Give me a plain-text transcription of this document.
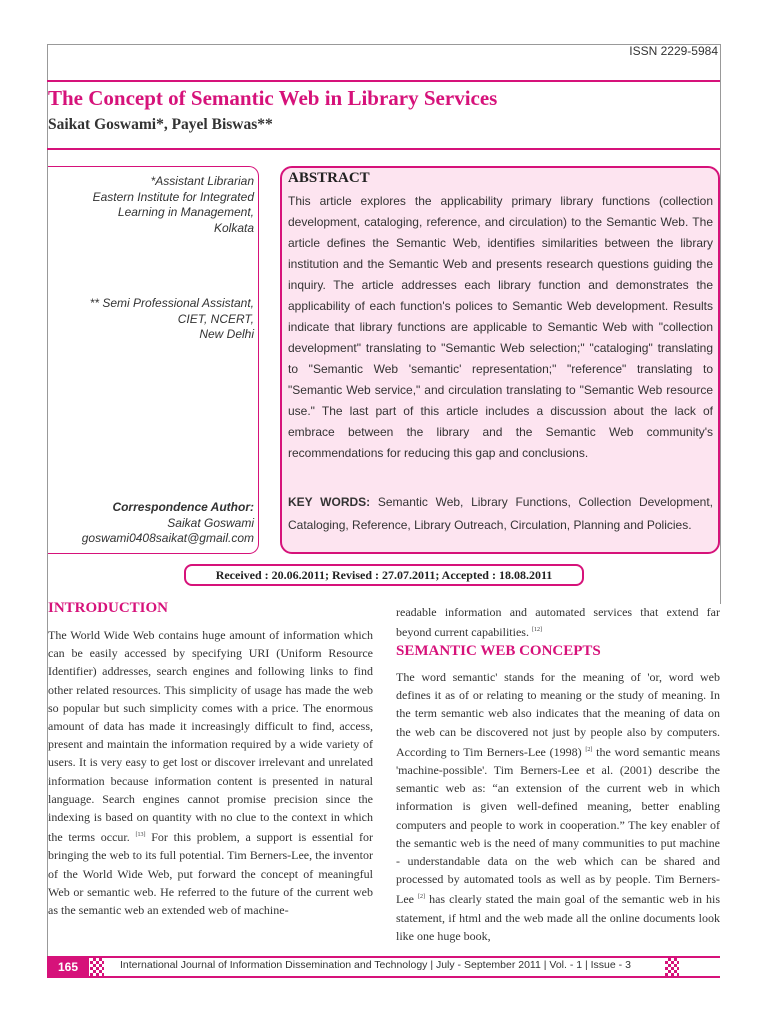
ISSN 2229-5984
The Concept of Semantic Web in Library Services
Saikat Goswami*, Payel Biswas**
*Assistant Librarian
Eastern Institute for Integrated
Learning in Management,
Kolkata
** Semi Professional Assistant,
CIET, NCERT,
New Delhi
Correspondence Author:
Saikat Goswami
goswami0408saikat@gmail.com
ABSTRACT
This article explores the applicability primary library functions (collection development, cataloging, reference, and circulation) to the Semantic Web. The article defines the Semantic Web, identifies similarities between the library institution and the Semantic Web and presents research questions guiding the inquiry. The article addresses each library function and demonstrates the applicability of each function's polices to Semantic Web development. Results indicate that library functions are applicable to Semantic Web with "collection development" translating to "Semantic Web selection;" "cataloging" translating to "Semantic Web 'semantic' representation;" "reference" translating to "Semantic Web service," and circulation translating to "Semantic Web resource use." The last part of this article includes a discussion about the lack of embrace between the library and the Semantic Web community's recommendations for reducing this gap and conclusions.
KEY WORDS: Semantic Web, Library Functions, Collection Development, Cataloging, Reference, Library Outreach, Circulation, Planning and Policies.
Received : 20.06.2011; Revised : 27.07.2011; Accepted : 18.08.2011
INTRODUCTION
The World Wide Web contains huge amount of information which can be easily accessed by specifying URI (Uniform Resource Identifier) addresses, search engines and following links to find other related resources. This simplicity of usage has made the web so popular but such simplicity comes with a price. The enormous amount of data has made it increasingly difficult to find, access, present and maintain the information required by a wide variety of users. It is very easy to get lost or discover irrelevant and unrelated information because information content is presented in natural language. Search engines cannot promise precision since the indexing is based on quantity with no clue to the context in which the terms occur. [13] For this problem, a support is essential for bringing the web to its full potential. Tim Berners-Lee, the inventor of the World Wide Web, put forward the concept of meaningful Web or semantic web. He referred to the future of the current web as the semantic web an extended web of machine-
readable information and automated services that extend far beyond current capabilities. [12]
SEMANTIC WEB CONCEPTS
The word semantic' stands for the meaning of 'or, word web defines it as of or relating to meaning or the study of meaning. In the term semantic web also indicates that the meaning of data on the web can be discovered not just by people also by computers. According to Tim Berners-Lee (1998) [2] the word semantic means 'machine-possible'. Tim Berners-Lee et al. (2001) describe the semantic web as: “an extension of the current web in which information is given well-defined meaning, better enabling computers and people to work in cooperation.” The key enabler of the semantic web is the need of many communities to put machine - understandable data on the web which can be shared and processed by automated tools as well as by people. Tim Berners-Lee [2] has clearly stated the main goal of the semantic web in his statement, if html and the web made all the online documents look like one huge book,
165	International Journal of Information Dissemination and Technology | July - September 2011 | Vol. - 1 | Issue - 3
